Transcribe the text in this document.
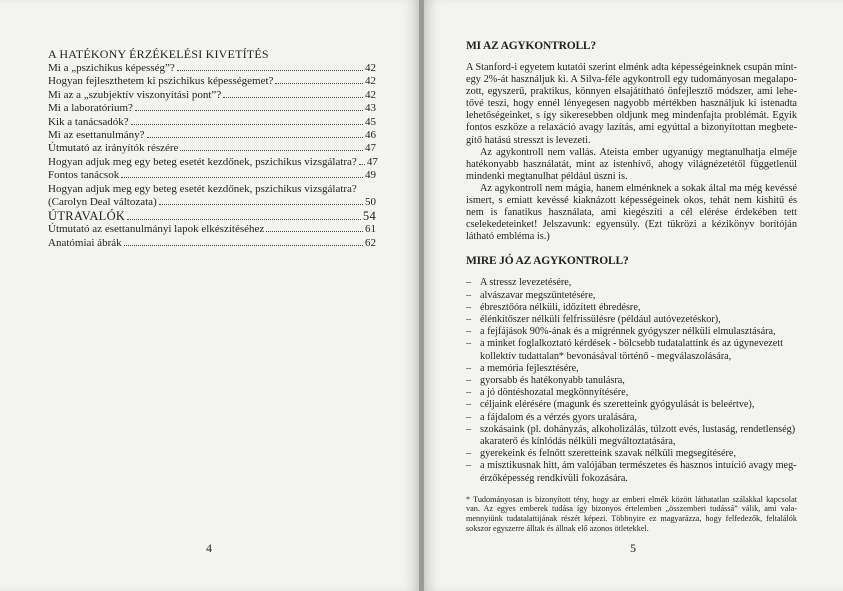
A HATÉKONY ÉRZÉKELÉSI KIVETÍTÉS
Mi a „pszichikus képesség”?	42
Hogyan fejleszthetem ki pszichikus képességemet?	42
Mi az a „szubjektív viszonyítási pont”?	42
Mi a laboratórium?	43
Kik a tanácsadók?	45
Mi az esettanulmány?	46
Útmutató az irányítók részére	47
Hogyan adjuk meg egy beteg esetét kezdőnek, pszichikus vizsgálatra? 47
Fontos tanácsok	49
Hogyan adjuk meg egy beteg esetét kezdőnek, pszichikus vizsgálatra?
(Carolyn Deal változata)	50
ÚTRAVALÓK	54
Útmutató az esettanulmányi lapok elkészítéséhez	61
Anatómiai ábrák	62
4
MI AZ AGYKONTROLL?

A Stanford-i egyetem kutatói szerint elménk adta képességeinknek csupán mint-egy 2%-át használjuk ki. A Silva-féle agykontroll egy tudományosan megalapo-zott, egyszerű, praktikus, könnyen elsajátítható önfejlesztő módszer, ami lehe-tővé teszi, hogy ennél lényegesen nagyobb mértékben használjuk ki istenadta lehetőségeinket, s így sikeresebben oldjunk meg mindenfajta problémát. Egyik fontos eszköze a relaxáció avagy lazítás, ami egyúttal a bizonyítottan megbete-gítő hatású stresszt is levezeti.

Az agykontroll nem vallás. Ateista ember ugyanúgy megtanulhatja elméje hatékonyabb használatát, mint az istenhívő, ahogy világnézetétől függetlenül mindenki megtanulhat például úszni is.

Az agykontroll nem mágia, hanem elménknek a sokak által ma még kevéssé ismert, s emiatt kevéssé kiaknázott képességeinek okos, tehát nem kishitű és nem is fanatikus használata, ami kiegészíti a cél elérése érdekében tett cselekedeteinket! Jelszavunk: egyensúly. (Ezt tükrözi a kézikönyv borítóján látható embléma is.)

MIRE JÓ AZ AGYKONTROLL?
– A stressz levezetésére,
– alvászavar megszüntetésére,
– ébresztőóra nélküli, időzített ébredésre,
– élénkítőszer nélküli felfrissülésre (például autóvezetéskor),
– a fejfájások 90%-ának és a migrénnek gyógyszer nélküli elmulasztására,
– a minket foglalkoztató kérdések - bölcsebb tudatalattink és az úgynevezett kollektív tudattalan* bevonásával történő - megválaszolására,
– a memória fejlesztésére,
– gyorsabb és hatékonyabb tanulásra,
– a jó döntéshozatal megkönnyítésére,
– céljaink elérésére (magunk és szeretteink gyógyulását is beleértve),
– a fájdalom és a vérzés gyors uralására,
– szokásaink (pl. dohányzás, alkoholizálás, túlzott evés, lustaság, rendetlenség) akaraterő és kínlódás nélküli megváltoztatására,
– gyerekeink és felnőtt szeretteink szavak nélküli megsegítésére,
– a misztikusnak hitt, ám valójában természetes és hasznos intuíció avagy meg-érzőképesség rendkívüli fokozására.
* Tudományosan is bizonyított tény, hogy az emberi elmék között láthatatlan szálakkal kapcsolat van. Az egyes emberek tudása így bizonyos értelemben „összemberi tudássá” válik, ami vala-mennyiünk tudatalattijának részét képezi. Többnyire ez magyarázza, hogy felfedezők, feltalálók sokszor egyszerre álltak és állnak elő azonos ötletekkel.
5
